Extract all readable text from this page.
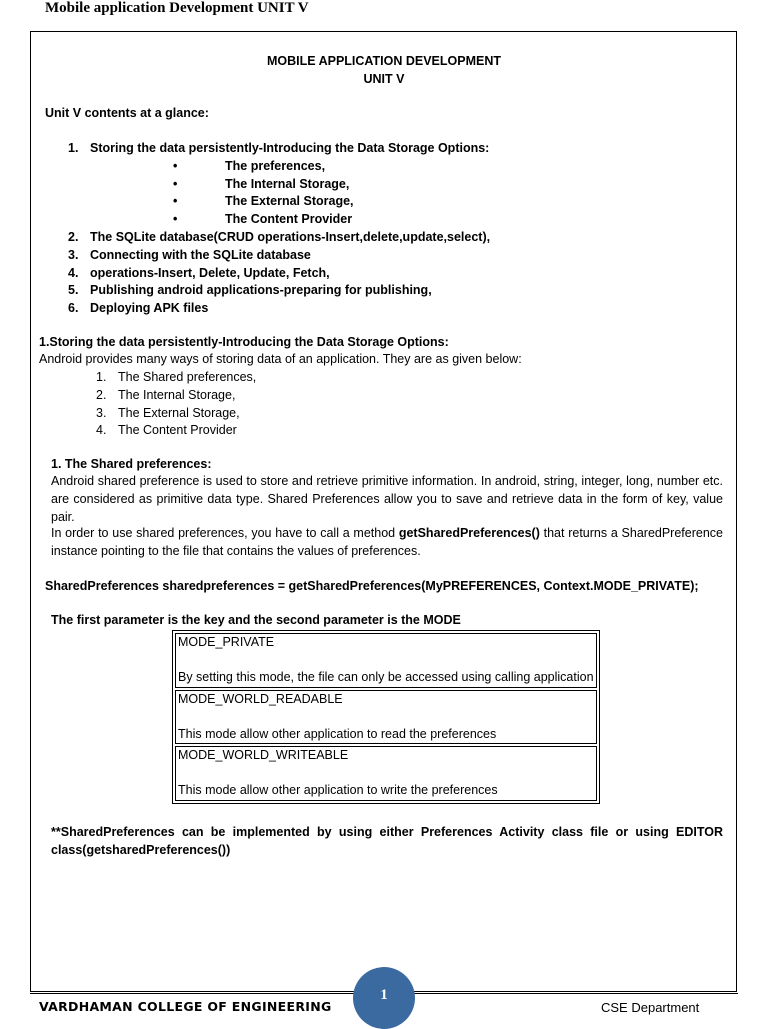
Mobile application Development UNIT V
MOBILE APPLICATION DEVELOPMENT
UNIT V
Unit V contents at a glance:
1. Storing the data persistently-Introducing the Data Storage Options:
•	The preferences,
•	The Internal Storage,
•	The External Storage,
•	The Content Provider
2. The SQLite database(CRUD operations-Insert,delete,update,select),
3. Connecting with the SQLite database
4. operations-Insert, Delete, Update, Fetch,
5. Publishing android applications-preparing for publishing,
6. Deploying APK files
1.Storing the data persistently-Introducing the Data Storage Options:
Android provides many ways of storing data of an application. They are as given below:
1. The Shared preferences,
2. The Internal Storage,
3. The External Storage,
4. The Content Provider
1. The Shared preferences:
Android shared preference is used to store and retrieve primitive information. In android, string, integer, long, number etc. are considered as primitive data type. Shared Preferences allow you to save and retrieve data in the form of key, value pair.
In order to use shared preferences, you have to call a method getSharedPreferences() that returns a SharedPreference instance pointing to the file that contains the values of preferences.
SharedPreferences sharedpreferences = getSharedPreferences(MyPREFERENCES, Context.MODE_PRIVATE);
The first parameter is the key and the second parameter is the MODE
MODE_PRIVATE
By setting this mode, the file can only be accessed using calling application

MODE_WORLD_READABLE
This mode allow other application to read the preferences

MODE_WORLD_WRITEABLE
This mode allow other application to write the preferences
**SharedPreferences can be implemented by using either Preferences Activity class file or using EDITOR class(getsharedPreferences())
VARDHAMAN COLLEGE OF ENGINEERING
1
CSE Department
